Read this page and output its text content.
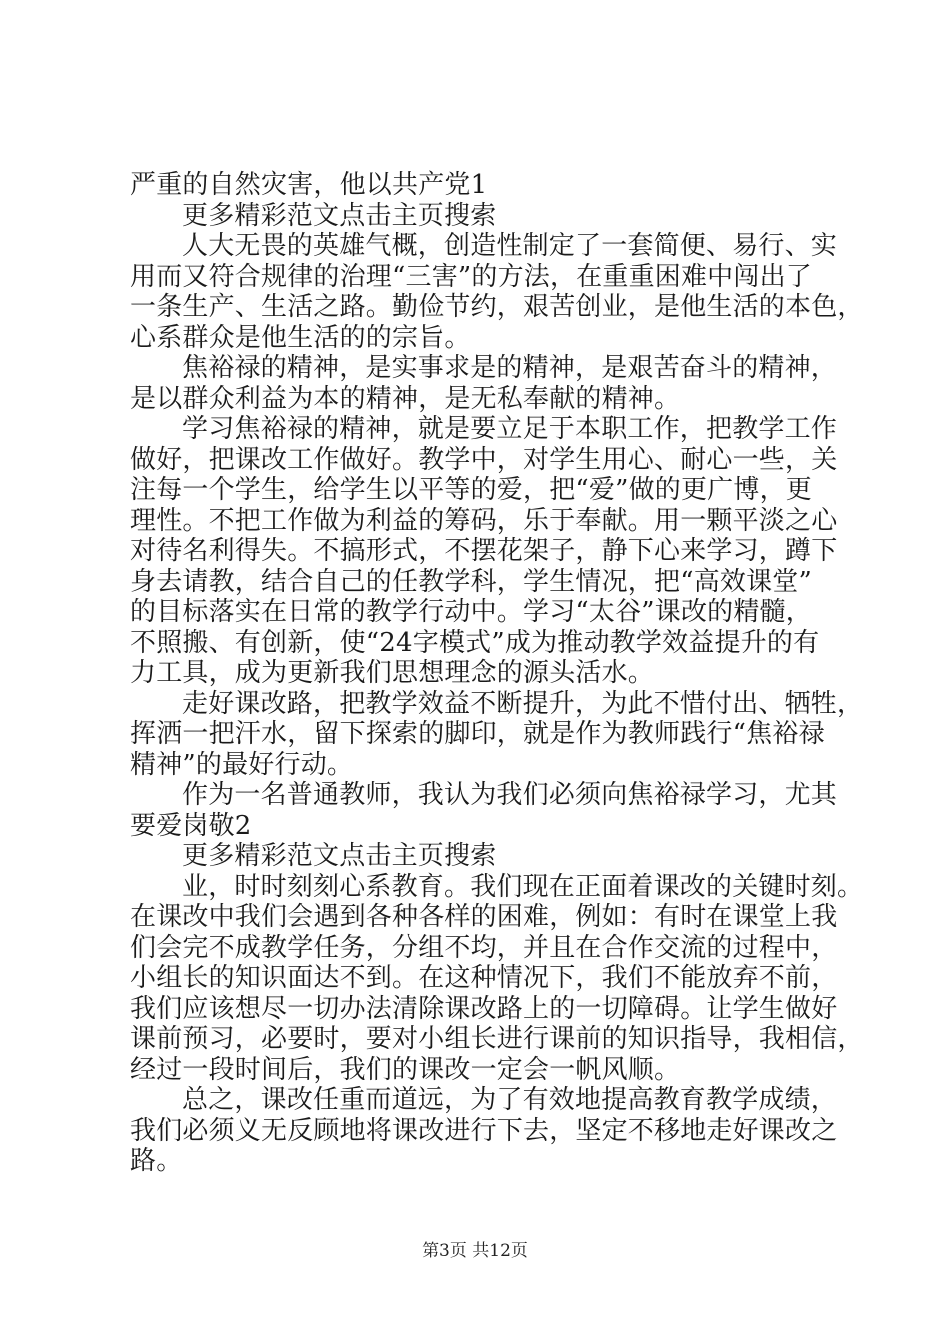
严重的自然灾害，他以共产党1
更多精彩范文点击主页搜索
人大无畏的英雄气概，创造性制定了一套简便、易行、实
用而又符合规律的治理“三害”的方法，在重重困难中闯出了
一条生产、生活之路。勤俭节约，艰苦创业，是他生活的本色，
心系群众是他生活的的宗旨。
焦裕禄的精神，是实事求是的精神，是艰苦奋斗的精神，
是以群众利益为本的精神，是无私奉献的精神。
学习焦裕禄的精神，就是要立足于本职工作，把教学工作
做好，把课改工作做好。教学中，对学生用心、耐心一些，关
注每一个学生，给学生以平等的爱，把“爱”做的更广博，更
理性。不把工作做为利益的筹码，乐于奉献。用一颗平淡之心
对待名利得失。不搞形式，不摆花架子，静下心来学习，蹲下
身去请教，结合自己的任教学科，学生情况，把“高效课堂”
的目标落实在日常的教学行动中。学习“太谷”课改的精髓，
不照搬、有创新，使“24字模式”成为推动教学效益提升的有
力工具，成为更新我们思想理念的源头活水。
走好课改路，把教学效益不断提升，为此不惜付出、牺牲，
挥洒一把汗水，留下探索的脚印，就是作为教师践行“焦裕禄
精神”的最好行动。
作为一名普通教师，我认为我们必须向焦裕禄学习，尤其
要爱岗敬2
更多精彩范文点击主页搜索
业，时时刻刻心系教育。我们现在正面着课改的关键时刻。
在课改中我们会遇到各种各样的困难，例如：有时在课堂上我
们会完不成教学任务，分组不均，并且在合作交流的过程中，
小组长的知识面达不到。在这种情况下，我们不能放弃不前，
我们应该想尽一切办法清除课改路上的一切障碍。让学生做好
课前预习，必要时，要对小组长进行课前的知识指导，我相信，
经过一段时间后，我们的课改一定会一帆风顺。
总之，课改任重而道远，为了有效地提高教育教学成绩，
我们必须义无反顾地将课改进行下去，坚定不移地走好课改之
路。
第3页 共12页
